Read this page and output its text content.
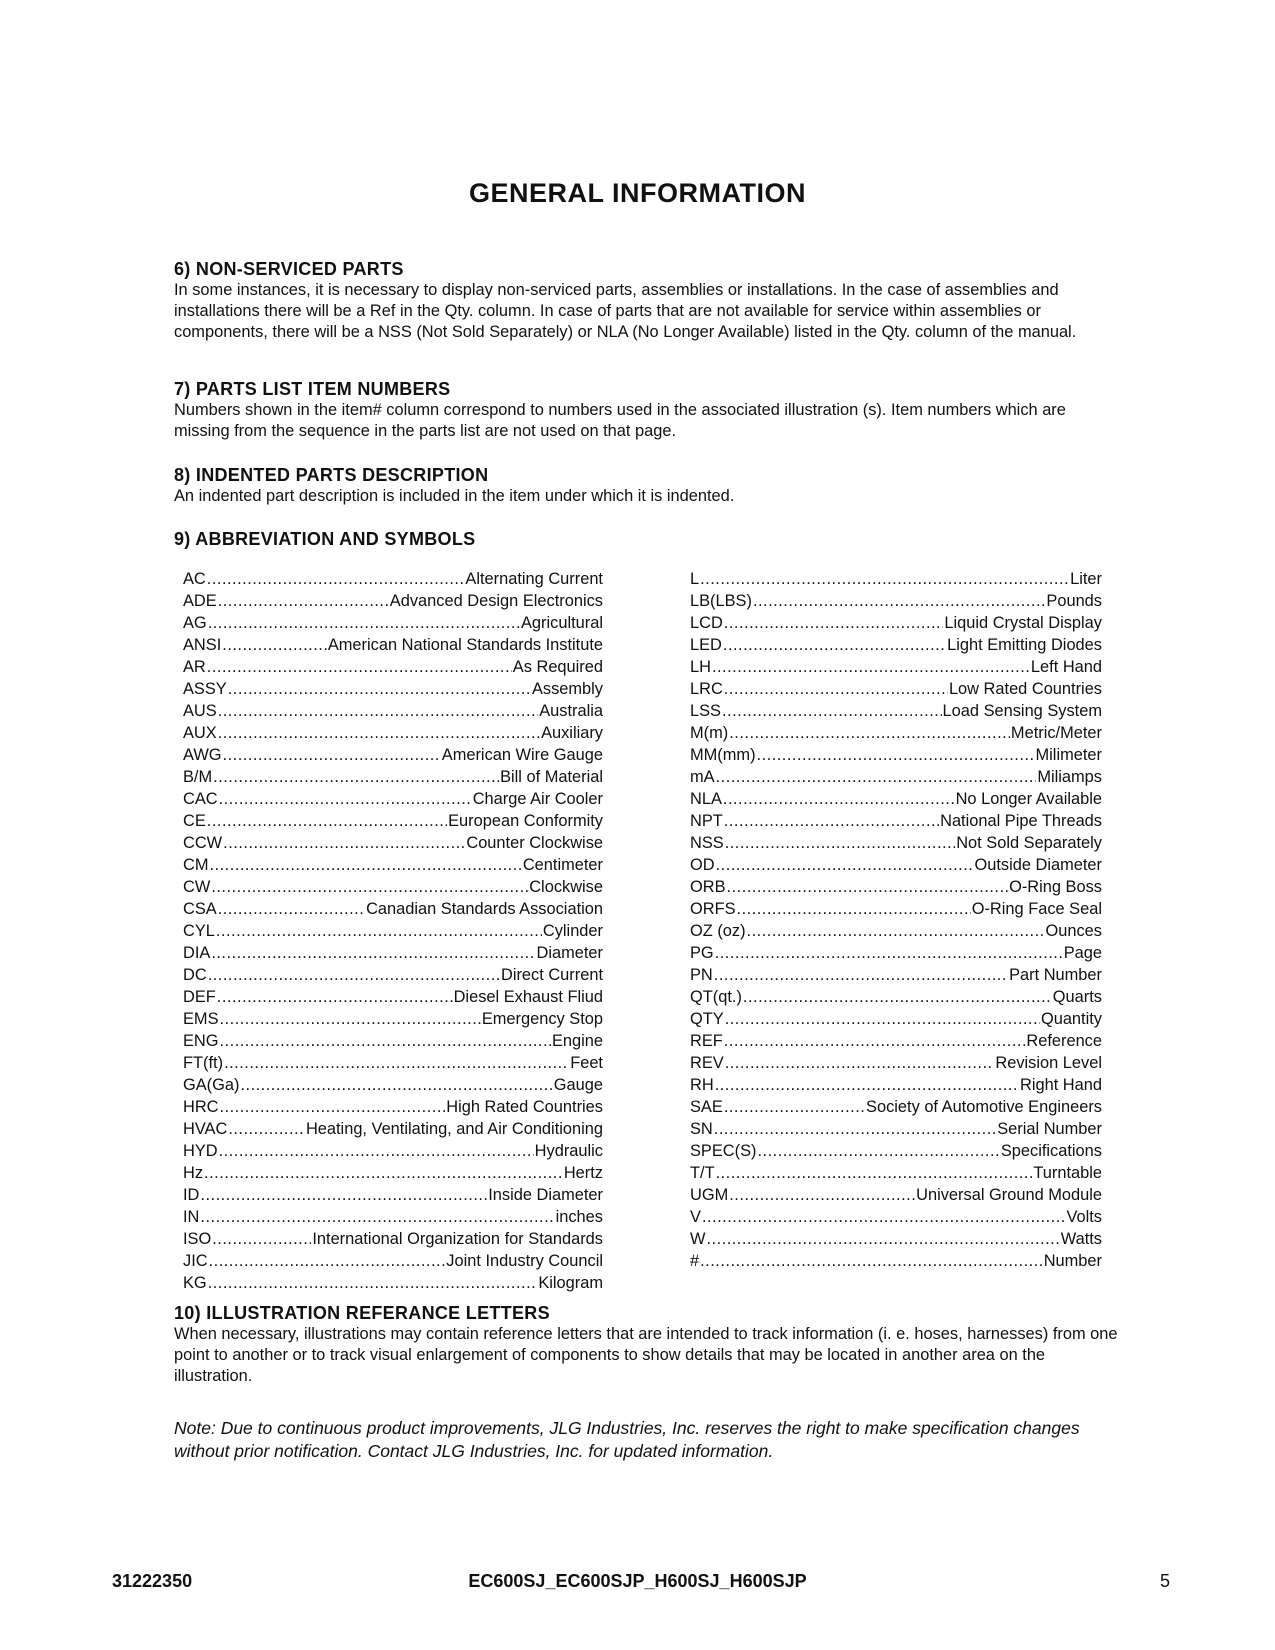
GENERAL INFORMATION
6) NON-SERVICED PARTS

In some instances, it is necessary to display non-serviced parts, assemblies or installations. In the case of assemblies and installations there will be a Ref in the Qty. column. In case of parts that are not available for service within assemblies or components, there will be a NSS (Not Sold Separately) or NLA (No Longer Available) listed in the Qty. column of the manual.

7) PARTS LIST ITEM NUMBERS

Numbers shown in the item# column correspond to numbers used in the associated illustration (s). Item numbers which are missing from the sequence in the parts list are not used on that page.

8) INDENTED PARTS DESCRIPTION

An indented part description is included in the item under which it is indented.

9) ABBREVIATION AND SYMBOLS
AC .....	Alternating Current
ADE .....	Advanced Design Electronics
AG .....	Agricultural
ANSI .....	American National Standards Institute
AR .....	As Required
ASSY .....	Assembly
AUS .....	Australia
AUX .....	Auxiliary
AWG .....	American Wire Gauge
B/M .....	Bill of Material
CAC .....	Charge Air Cooler
CE .....	European Conformity
CCW .....	Counter Clockwise
CM .....	Centimeter
CW .....	Clockwise
CSA .....	Canadian Standards Association
CYL .....	Cylinder
DIA .....	Diameter
DC .....	Direct Current
DEF .....	Diesel Exhaust Fliud
EMS .....	Emergency Stop
ENG .....	Engine
FT(ft) .....	Feet
GA(Ga) .....	Gauge
HRC .....	High Rated Countries
HVAC .....	Heating, Ventilating, and Air Conditioning
HYD .....	Hydraulic
Hz .....	Hertz
ID .....	Inside Diameter
IN .....	inches
ISO .....	International Organization for Standards
JIC .....	Joint Industry Council
KG .....	Kilogram
L .....	Liter
LB(LBS) .....	Pounds
LCD .....	Liquid Crystal Display
LED .....	Light Emitting Diodes
LH .....	Left Hand
LRC .....	Low Rated Countries
LSS .....	Load Sensing System
M(m) .....	Metric/Meter
MM(mm) .....	Milimeter
mA .....	Miliamps
NLA .....	No Longer Available
NPT .....	National Pipe Threads
NSS .....	Not Sold Separately
OD .....	Outside Diameter
ORB .....	O-Ring Boss
ORFS .....	O-Ring Face Seal
OZ (oz) .....	Ounces
PG .....	Page
PN .....	Part Number
QT(qt.) .....	Quarts
QTY .....	Quantity
REF .....	Reference
REV .....	Revision Level
RH .....	Right Hand
SAE .....	Society of Automotive Engineers
SN .....	Serial Number
SPEC(S) .....	Specifications
T/T .....	Turntable
UGM .....	Universal Ground Module
V .....	Volts
W .....	Watts
# .....	Number
10) ILLUSTRATION REFERANCE LETTERS

When necessary, illustrations may contain reference letters that are intended to track information (i. e. hoses, harnesses) from one point to another or to track visual enlargement of components to show details that may be located in another area on the illustration.

Note: Due to continuous product improvements, JLG Industries, Inc. reserves the right to make specification changes without prior notification. Contact JLG Industries, Inc. for updated information.

31222350	EC600SJ_EC600SJP_H600SJ_H600SJP	5
